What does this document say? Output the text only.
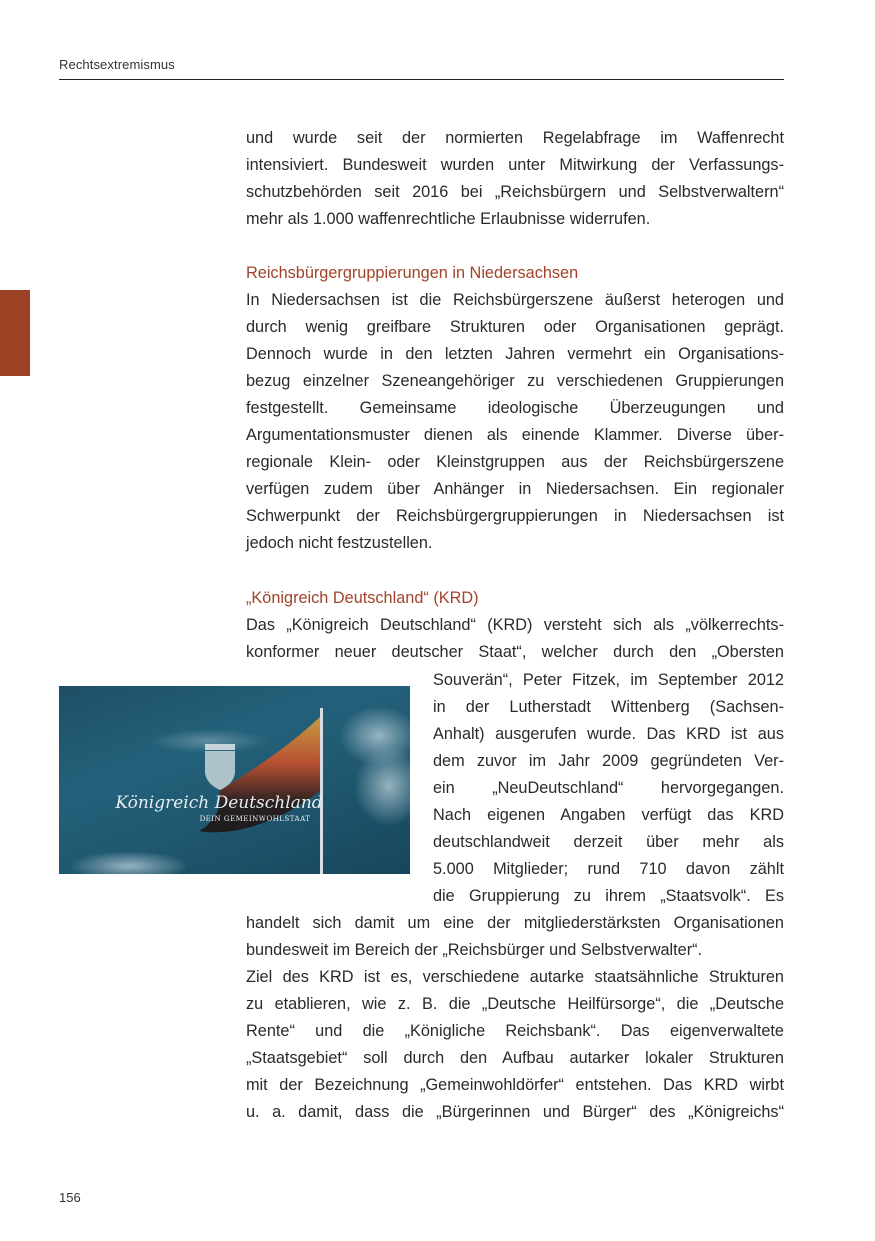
Rechtsextremismus
und wurde seit der normierten Regelabfrage im Waffenrecht
intensiviert. Bundesweit wurden unter Mitwirkung der Verfassungs-
schutzbehörden seit 2016 bei „Reichsbürgern und Selbstverwaltern“
mehr als 1.000 waffenrechtliche Erlaubnisse widerrufen.
Reichsbürgergruppierungen in Niedersachsen
In Niedersachsen ist die Reichsbürgerszene äußerst heterogen und
durch wenig greifbare Strukturen oder Organisationen geprägt.
Dennoch wurde in den letzten Jahren vermehrt ein Organisations-
bezug einzelner Szeneangehöriger zu verschiedenen Gruppierungen
festgestellt. Gemeinsame ideologische Überzeugungen und
Argumentationsmuster dienen als einende Klammer. Diverse über-
regionale Klein- oder Kleinstgruppen aus der Reichsbürgerszene
verfügen zudem über Anhänger in Niedersachsen. Ein regionaler
Schwerpunkt der Reichsbürgergruppierungen in Niedersachsen ist
jedoch nicht festzustellen.
„Königreich Deutschland“ (KRD)
Das „Königreich Deutschland“ (KRD) versteht sich als „völkerrechts-
konformer neuer deutscher Staat“, welcher durch den „Obersten
Königreich Deutschland
DEIN GEMEINWOHLSTAAT
Souverän“, Peter Fitzek, im September 2012
in der Lutherstadt Wittenberg (Sachsen-
Anhalt) ausgerufen wurde. Das KRD ist aus
dem zuvor im Jahr 2009 gegründeten Ver-
ein „NeuDeutschland“ hervorgegangen.
Nach eigenen Angaben verfügt das KRD
deutschlandweit derzeit über mehr als
5.000 Mitglieder; rund 710 davon zählt
die Gruppierung zu ihrem „Staatsvolk“. Es
handelt sich damit um eine der mitgliederstärksten Organisationen
bundesweit im Bereich der „Reichsbürger und Selbstverwalter“.
Ziel des KRD ist es, verschiedene autarke staatsähnliche Strukturen
zu etablieren, wie z. B. die „Deutsche Heilfürsorge“, die „Deutsche
Rente“ und die „Königliche Reichsbank“. Das eigenverwaltete
„Staatsgebiet“ soll durch den Aufbau autarker lokaler Strukturen
mit der Bezeichnung „Gemeinwohldörfer“ entstehen. Das KRD wirbt
u. a. damit, dass die „Bürgerinnen und Bürger“ des „Königreichs“
156
